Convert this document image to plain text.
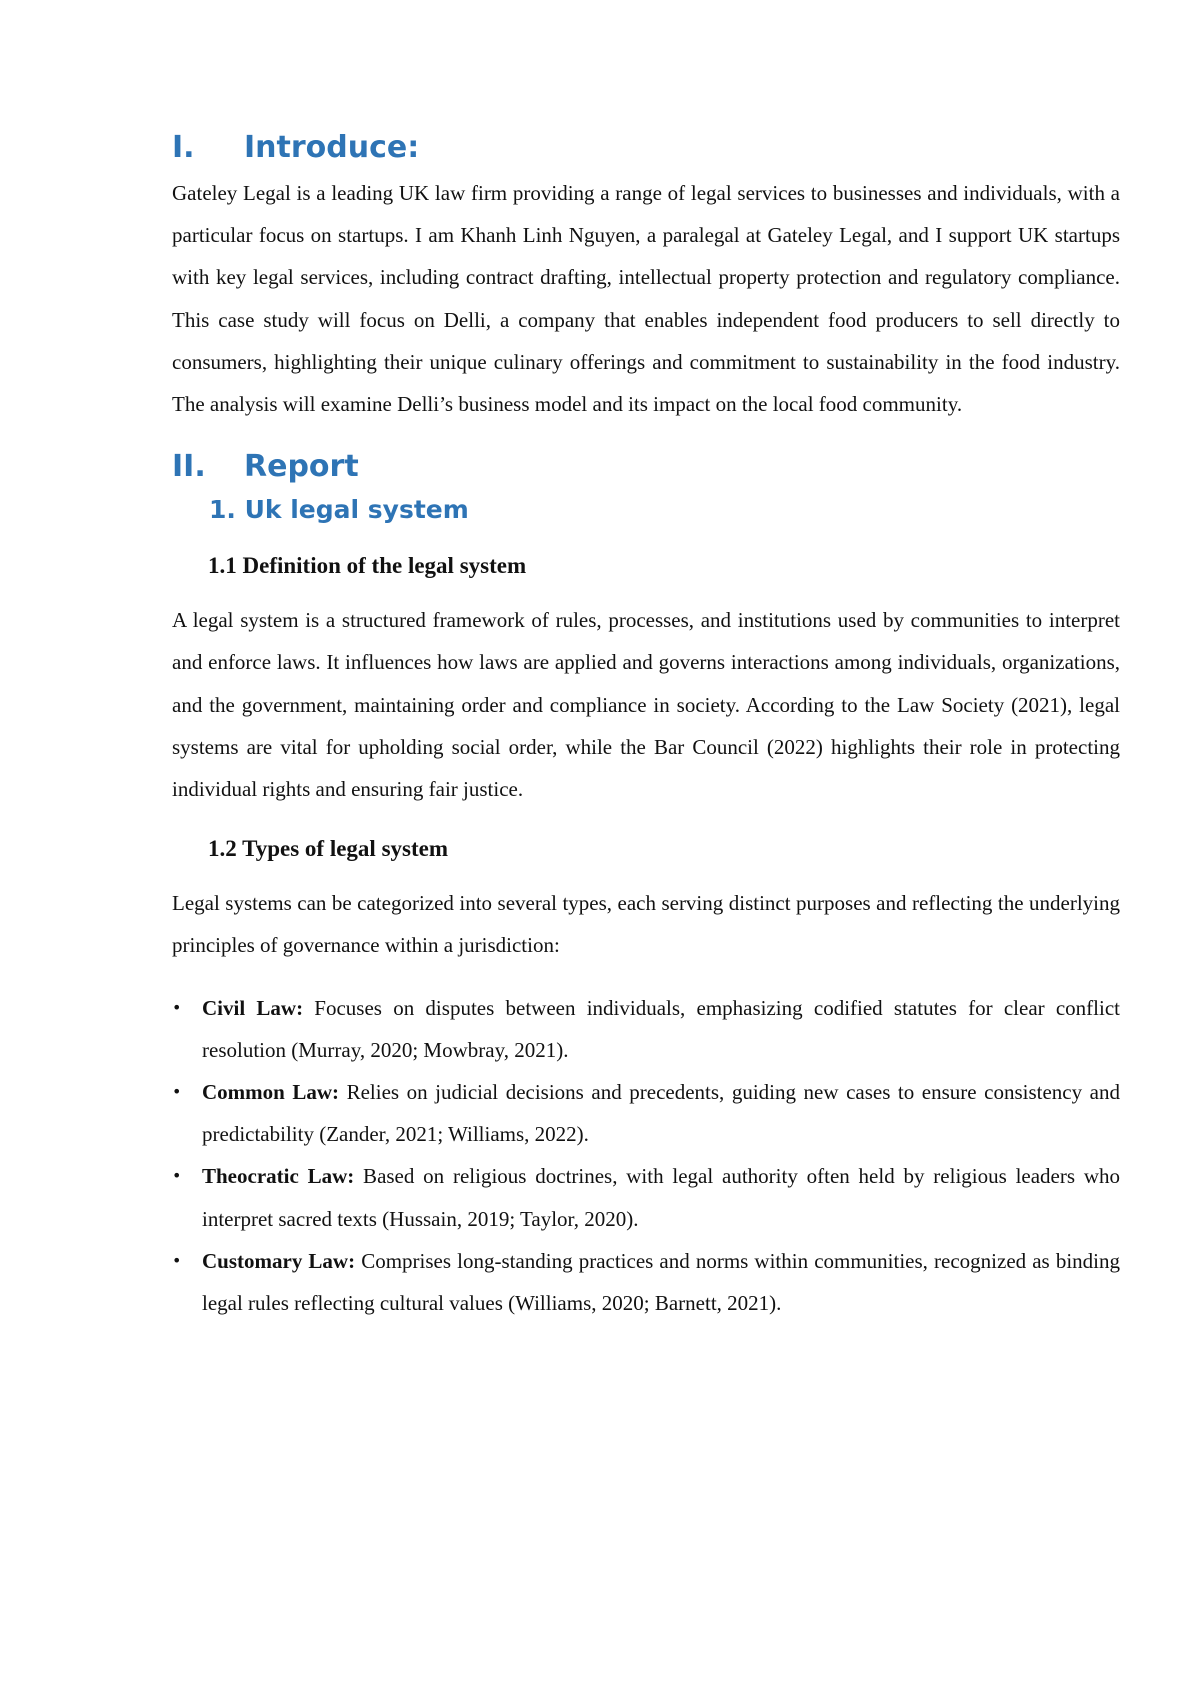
I.	Introduce:

Gateley Legal is a leading UK law firm providing a range of legal services to businesses and individuals, with a particular focus on startups. I am Khanh Linh Nguyen, a paralegal at Gateley Legal, and I support UK startups with key legal services, including contract drafting, intellectual property protection and regulatory compliance. This case study will focus on Delli, a company that enables independent food producers to sell directly to consumers, highlighting their unique culinary offerings and commitment to sustainability in the food industry. The analysis will examine Delli’s business model and its impact on the local food community.

II.	Report
1. Uk legal system
1.1 Definition of the legal system

A legal system is a structured framework of rules, processes, and institutions used by communities to interpret and enforce laws. It influences how laws are applied and governs interactions among individuals, organizations, and the government, maintaining order and compliance in society. According to the Law Society (2021), legal systems are vital for upholding social order, while the Bar Council (2022) highlights their role in protecting individual rights and ensuring fair justice.

1.2 Types of legal system

Legal systems can be categorized into several types, each serving distinct purposes and reflecting the underlying principles of governance within a jurisdiction:

• Civil Law: Focuses on disputes between individuals, emphasizing codified statutes for clear conflict resolution (Murray, 2020; Mowbray, 2021).
• Common Law: Relies on judicial decisions and precedents, guiding new cases to ensure consistency and predictability (Zander, 2021; Williams, 2022).
• Theocratic Law: Based on religious doctrines, with legal authority often held by religious leaders who interpret sacred texts (Hussain, 2019; Taylor, 2020).
• Customary Law: Comprises long-standing practices and norms within communities, recognized as binding legal rules reflecting cultural values (Williams, 2020; Barnett, 2021).
